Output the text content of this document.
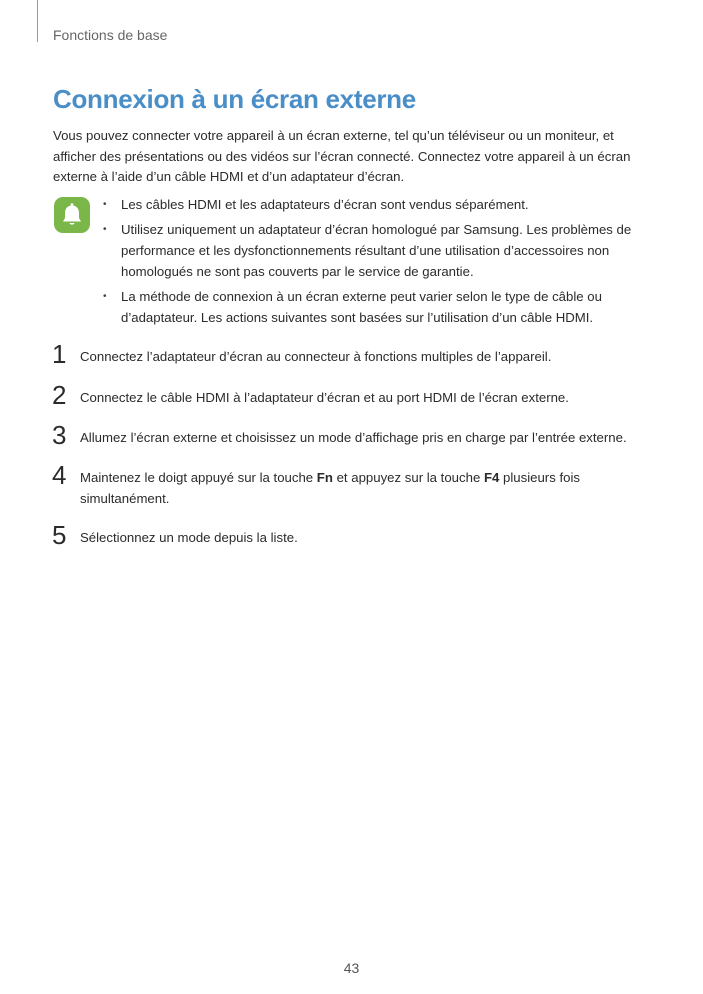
Fonctions de base
Connexion à un écran externe

Vous pouvez connecter votre appareil à un écran externe, tel qu’un téléviseur ou un moniteur, et afficher des présentations ou des vidéos sur l’écran connecté. Connectez votre appareil à un écran externe à l’aide d’un câble HDMI et d’un adaptateur d’écran.

• Les câbles HDMI et les adaptateurs d’écran sont vendus séparément.
• Utilisez uniquement un adaptateur d’écran homologué par Samsung. Les problèmes de performance et les dysfonctionnements résultant d’une utilisation d’accessoires non homologués ne sont pas couverts par le service de garantie.
• La méthode de connexion à un écran externe peut varier selon le type de câble ou d’adaptateur. Les actions suivantes sont basées sur l’utilisation d’un câble HDMI.
1 Connectez l’adaptateur d’écran au connecteur à fonctions multiples de l’appareil.
2 Connectez le câble HDMI à l’adaptateur d’écran et au port HDMI de l’écran externe.
3 Allumez l’écran externe et choisissez un mode d’affichage pris en charge par l’entrée externe.
4 Maintenez le doigt appuyé sur la touche Fn et appuyez sur la touche F4 plusieurs fois simultanément.
5 Sélectionnez un mode depuis la liste.
43
